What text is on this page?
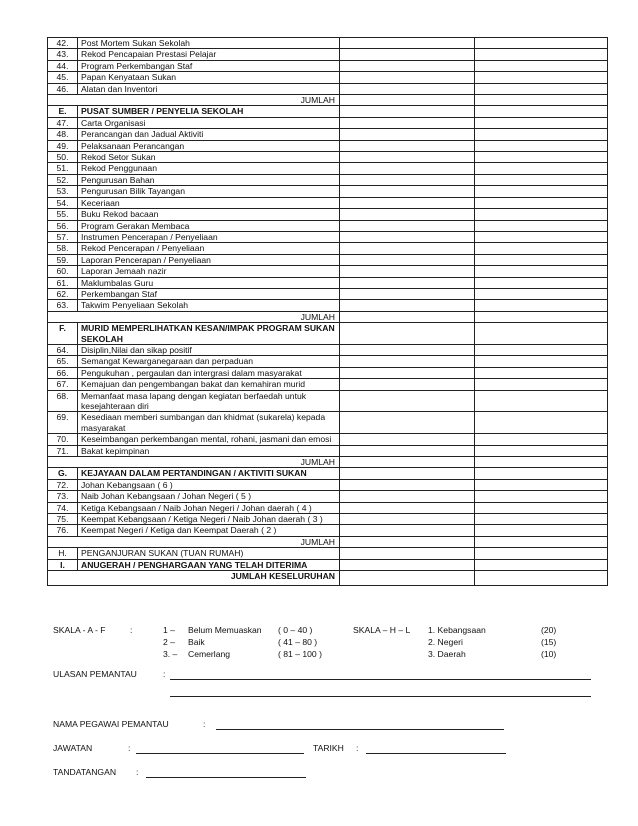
42.	Post Mortem Sukan Sekolah		
43.	Rekod Pencapaian Prestasi Pelajar		
44.	Program Perkembangan Staf		
45.	Papan Kenyataan Sukan		
46.	Alatan dan Inventori		
JUMLAH			
E.	PUSAT SUMBER / PENYELIA SEKOLAH		
47.	Carta Organisasi		
48.	Perancangan dan Jadual Aktiviti		
49.	Pelaksanaan Perancangan		
50.	Rekod Setor Sukan		
51.	Rekod Penggunaan		
52.	Pengurusan Bahan		
53.	Pengurusan Bilik Tayangan		
54.	Keceriaan		
55.	Buku Rekod bacaan		
56.	Program Gerakan Membaca		
57.	Instrumen Pencerapan / Penyeliaan		
58.	Rekod Pencerapan / Penyeliaan		
59.	Laporan Pencerapan / Penyeliaan		
60.	Laporan Jemaah nazir		
61.	Maklumbalas Guru		
62.	Perkembangan Staf		
63.	Takwim Penyeliaan Sekolah		
JUMLAH			
F.	MURID MEMPERLIHATKAN KESAN/IMPAK PROGRAM SUKAN SEKOLAH		
64.	Disiplin,Nilai dan sikap positif		
65.	Semangat Kewarganegaraan dan perpaduan		
66.	Pengukuhan , pergaulan dan intergrasi dalam masyarakat		
67.	Kemajuan dan pengembangan bakat dan kemahiran murid		
68.	Memanfaat masa lapang dengan kegiatan berfaedah untuk kesejahteraan diri		
69.	Kesediaan memberi sumbangan dan khidmat (sukarela) kepada masyarakat		
70.	Keseimbangan perkembangan mental, rohani, jasmani dan emosi		
71.	Bakat kepimpinan		
JUMLAH			
G.	KEJAYAAN DALAM PERTANDINGAN / AKTIVITI SUKAN		
72.	Johan Kebangsaan ( 6 )		
73.	Naib Johan Kebangsaan / Johan Negeri ( 5 )		
74.	Ketiga Kebangsaan / Naib Johan Negeri / Johan daerah ( 4 )		
75.	Keempat Kebangsaan / Ketiga Negeri / Naib Johan daerah ( 3 )		
76.	Keempat Negeri / Ketiga dan Keempat Daerah ( 2 )		
JUMLAH			
H.	PENGANJURAN SUKAN (TUAN RUMAH)		
I.	ANUGERAH / PENGHARGAAN YANG TELAH DITERIMA		
JUMLAH KESELURUHAN			
SKALA - A - F	:	1 – Belum Memuaskan ( 0 – 40 )
2 – Baik	( 41 – 80 )
3. – Cemerlang	( 81 – 100 )
SKALA – H – L 1. Kebangsaan	(20)
2. Negeri	(15)
3. Daerah	(10)
ULASAN PEMANTAU	:
NAMA PEGAWAI PEMANTAU	:
JAWATAN	:	TARIKH :
TANDATANGAN :
